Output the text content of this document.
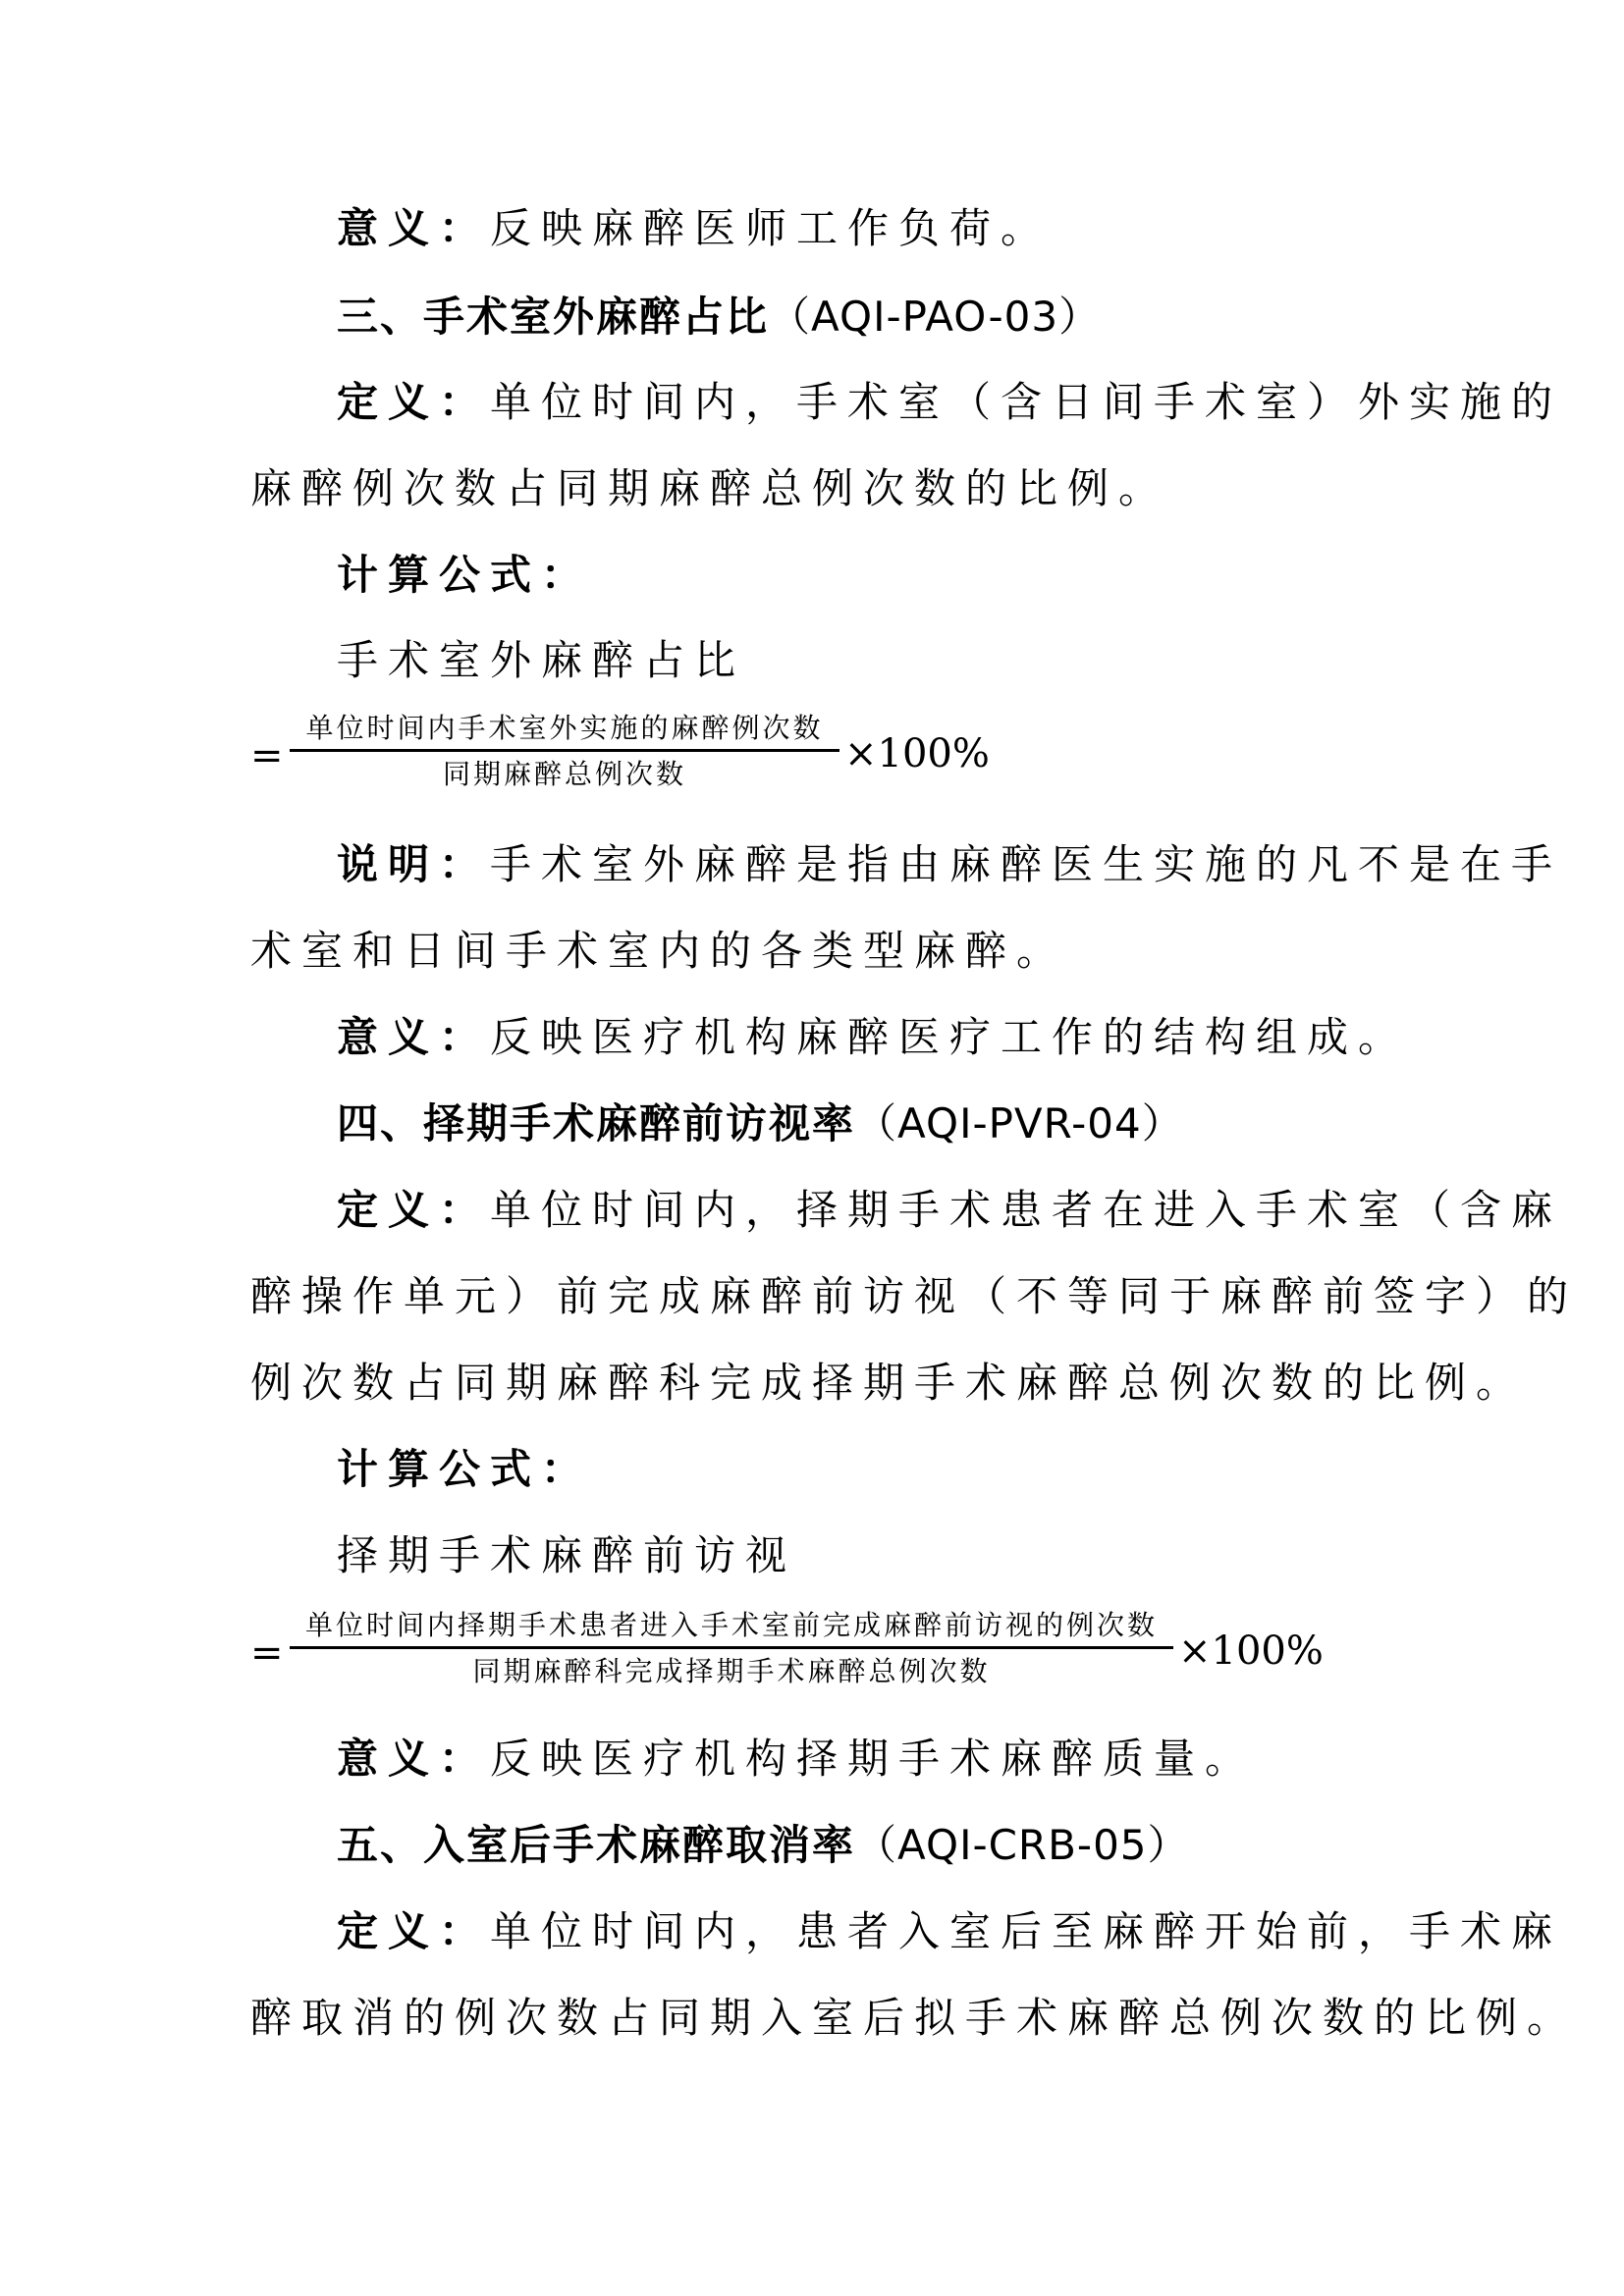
意义：反映麻醉医师工作负荷。
三、手术室外麻醉占比（AQI-PAO-03）
定义：单位时间内，手术室（含日间手术室）外实施的
麻醉例次数占同期麻醉总例次数的比例。
计算公式：
手术室外麻醉占比
=
单位时间内手术室外实施的麻醉例次数
同期麻醉总例次数	×100%
说明：手术室外麻醉是指由麻醉医生实施的凡不是在手
术室和日间手术室内的各类型麻醉。
意义：反映医疗机构麻醉医疗工作的结构组成。
四、择期手术麻醉前访视率（AQI-PVR-04）
定义：单位时间内，择期手术患者在进入手术室（含麻
醉操作单元）前完成麻醉前访视（不等同于麻醉前签字）的
例次数占同期麻醉科完成择期手术麻醉总例次数的比例。
计算公式：
择期手术麻醉前访视
=
单位时间内择期手术患者进入手术室前完成麻醉前访视的例次数
同期麻醉科完成择期手术麻醉总例次数	×100%
意义：反映医疗机构择期手术麻醉质量。
五、入室后手术麻醉取消率（AQI-CRB-05）
定义：单位时间内，患者入室后至麻醉开始前，手术麻
醉取消的例次数占同期入室后拟手术麻醉总例次数的比例。
